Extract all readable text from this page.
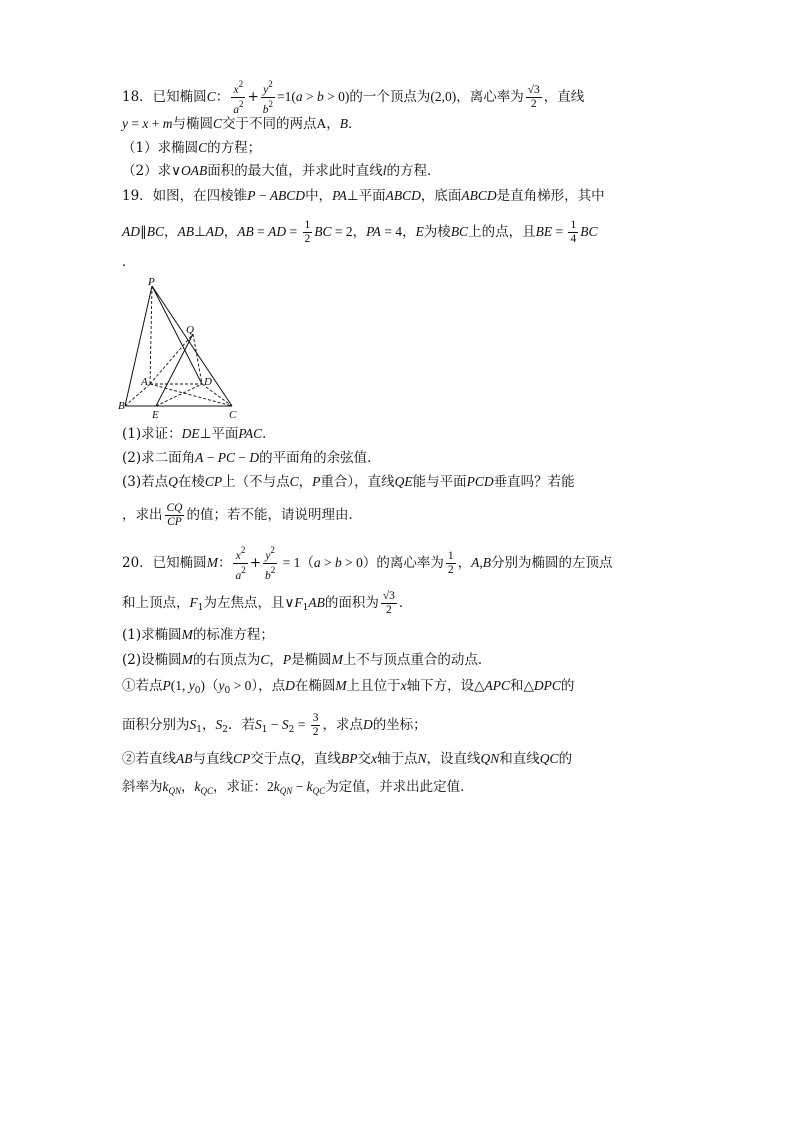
18．已知椭圆C： $\frac{x^2}{a^2} + \frac{y^2}{b^2} =1(a > b > 0)$的一个顶点为(2,0)，离心率为 $\frac{√3}{2}$ ，直线
y = x + m与椭圆C交于不同的两点A，B．
（1）求椭圆C的方程；
（2）求∨OAB面积的最大值，并求此时直线l的方程．
19．如图，在四棱锥P − ABCD中，PA⊥平面ABCD，底面ABCD是直角梯形，其中
AD∥BC，AB⊥AD，AB = AD = $\frac{1}{2}$ BC = 2，PA = 4，E为棱BC上的点，且BE = $\frac{1}{4}$ BC
．
P
Q
A	D
B
E	C
(1)求证：DE⊥平面PAC．
(2)求二面角A − PC − D的平面角的余弦值．
(3)若点Q在棱CP上（不与点C，P重合），直线QE能与平面PCD垂直吗？若能
，求出 $\frac{CQ}{CP}$ 的值；若不能，请说明理由．
20．已知椭圆M： $\frac{x^2}{a^2} + \frac{y^2}{b^2} = 1(a > b > 0)$的离心率为 $\frac{1}{2}$ ，A,B分别为椭圆的左顶点
和上顶点，$F_1$为左焦点，且$\vee F_1AB$的面积为 $\frac{√3}{2}$ ．
(1)求椭圆M的标准方程；
(2)设椭圆M的右顶点为C，P是椭圆M上不与顶点重合的动点．
①若点P(1, $y_0)(y_0 > 0)$，点D在椭圆M上且位于x轴下方，设△APC和△DPC的
面积分别为$S_1$，$S_2$．若$S_1 - S_2 = \frac{3}{2}$ ，求点D的坐标；
②若直线AB与直线CP交于点Q，直线BP交x轴于点N，设直线QN和直线QC的
斜率为$k_{QN}$，$k_{QC}$，求证：$2k_{QN} - k_{QC}$为定值，并求出此定值．
